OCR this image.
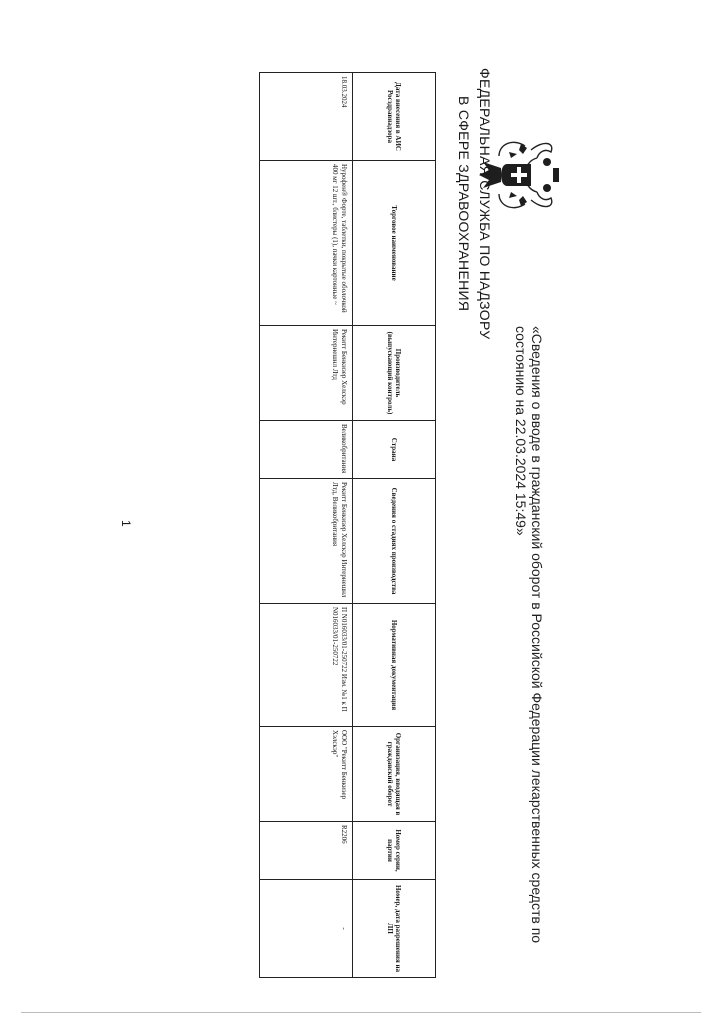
ФЕДЕРАЛЬНАЯ СЛУЖБА ПО НАДЗОРУ
В СФЕРЕ ЗДРАВООХРАНЕНИЯ
«Сведения о вводе в гражданский оборот в Российской Федерации лекарственных средств по состоянию на 22.03.2024 15:49»
Дата внесения в АИС Росздравнадзора	Торговое наименование	Производитель (выпускающий контроль)	Страна	Сведения о стадиях производства	Нормативная документация	Организация, вводящая в гражданский оборот	Номер серии, партии	Номер, дата разрешения на ЛП
18.03.2024	Нурофен® Форте, таблетки, покрытые оболочкой 400 мг 12 шт., блистеры (1), пачки картонные ~	Рекитт Бенкизер Хелскэр Интернешнл Лтд	Великобритания	Рекитт Бенкизер Хелскэр Интернешнл Лтд, Великобритания	П N016033/01-250722 Изм. №1 к П N016033/01-250722	ООО "Рекитт Бенкизер Хэлскэр"	R2206	-
1
